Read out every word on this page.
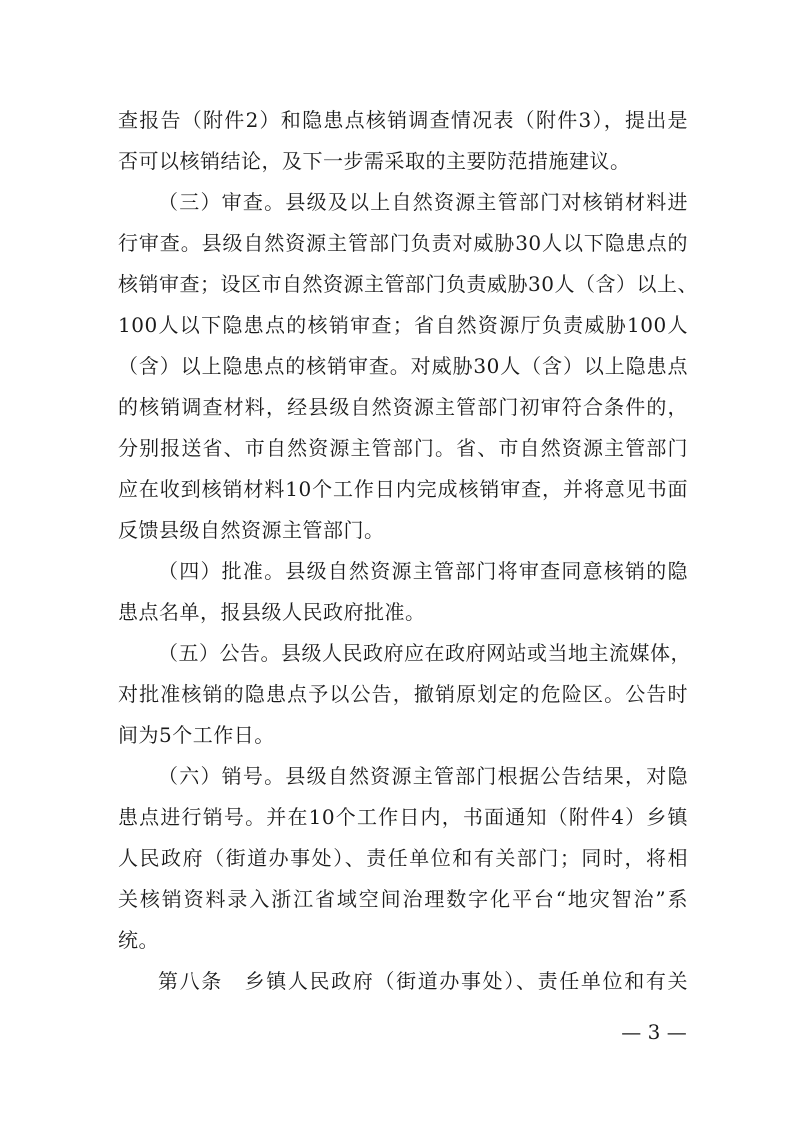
查报告（附件2）和隐患点核销调查情况表（附件3），提出是
否可以核销结论，及下一步需采取的主要防范措施建议。
（三）审查。县级及以上自然资源主管部门对核销材料进
行审查。县级自然资源主管部门负责对威胁30人以下隐患点的
核销审查；设区市自然资源主管部门负责威胁30人（含）以上、
100人以下隐患点的核销审查；省自然资源厅负责威胁100人
（含）以上隐患点的核销审查。对威胁30人（含）以上隐患点
的核销调查材料，经县级自然资源主管部门初审符合条件的，
分别报送省、市自然资源主管部门。省、市自然资源主管部门
应在收到核销材料10个工作日内完成核销审查，并将意见书面
反馈县级自然资源主管部门。
（四）批准。县级自然资源主管部门将审查同意核销的隐
患点名单，报县级人民政府批准。
（五）公告。县级人民政府应在政府网站或当地主流媒体，
对批准核销的隐患点予以公告，撤销原划定的危险区。公告时
间为5个工作日。
（六）销号。县级自然资源主管部门根据公告结果，对隐
患点进行销号。并在10个工作日内，书面通知（附件4）乡镇
人民政府（街道办事处）、责任单位和有关部门；同时，将相
关核销资料录入浙江省域空间治理数字化平台“地灾智治”系
统。
第八条　乡镇人民政府（街道办事处）、责任单位和有关
— 3 —
